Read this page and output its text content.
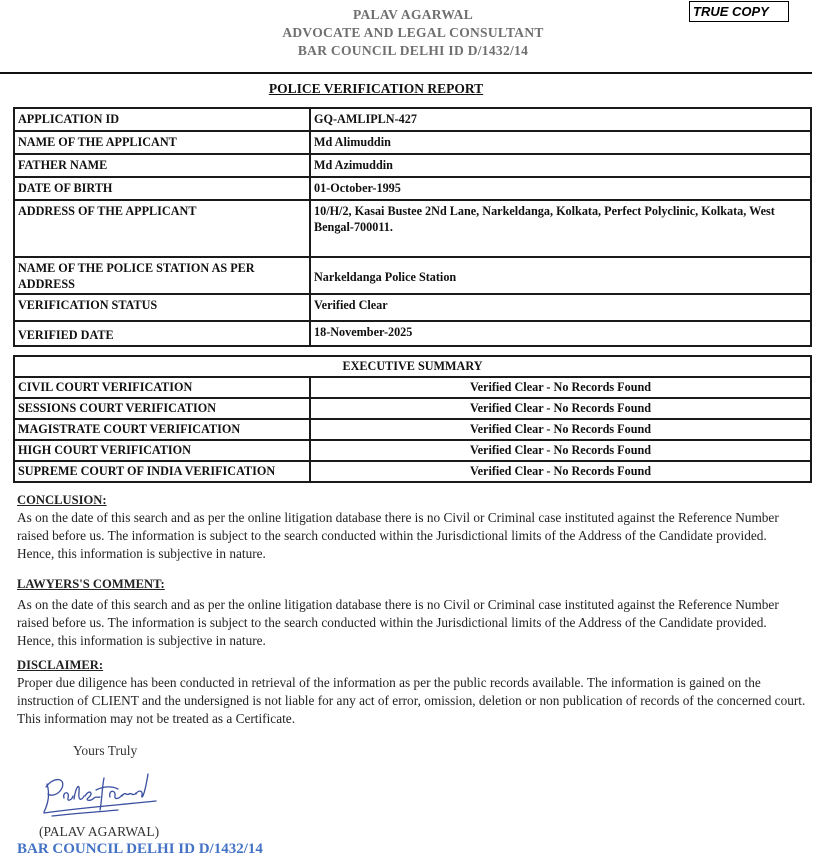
PALAV AGARWAL
ADVOCATE AND LEGAL CONSULTANT
BAR COUNCIL DELHI ID D/1432/14
TRUE COPY
POLICE VERIFICATION REPORT
APPLICATION ID	GQ-AMLIPLN-427
NAME OF THE APPLICANT	Md Alimuddin
FATHER NAME	Md Azimuddin
DATE OF BIRTH	01-October-1995
ADDRESS OF THE APPLICANT	10/H/2, Kasai Bustee 2Nd Lane, Narkeldanga, Kolkata, Perfect Polyclinic, Kolkata, West Bengal-700011.
NAME OF THE POLICE STATION AS PER ADDRESS	Narkeldanga Police Station
VERIFICATION STATUS	Verified Clear
VERIFIED DATE	18-November-2025
EXECUTIVE SUMMARY	
CIVIL COURT VERIFICATION	Verified Clear - No Records Found
SESSIONS COURT VERIFICATION	Verified Clear - No Records Found
MAGISTRATE COURT VERIFICATION	Verified Clear - No Records Found
HIGH COURT VERIFICATION	Verified Clear - No Records Found
SUPREME COURT OF INDIA VERIFICATION	Verified Clear - No Records Found
CONCLUSION:
As on the date of this search and as per the online litigation database there is no Civil or Criminal case instituted against the Reference Number raised before us. The information is subject to the search conducted within the Jurisdictional limits of the Address of the Candidate provided. Hence, this information is subjective in nature.
LAWYERS'S COMMENT:
As on the date of this search and as per the online litigation database there is no Civil or Criminal case instituted against the Reference Number raised before us. The information is subject to the search conducted within the Jurisdictional limits of the Address of the Candidate provided. Hence, this information is subjective in nature.
DISCLAIMER:
Proper due diligence has been conducted in retrieval of the information as per the public records available. The information is gained on the instruction of CLIENT and the undersigned is not liable for any act of error, omission, deletion or non publication of records of the concerned court. This information may not be treated as a Certificate.
Yours Truly
(PALAV AGARWAL)
BAR COUNCIL DELHI ID D/1432/14
